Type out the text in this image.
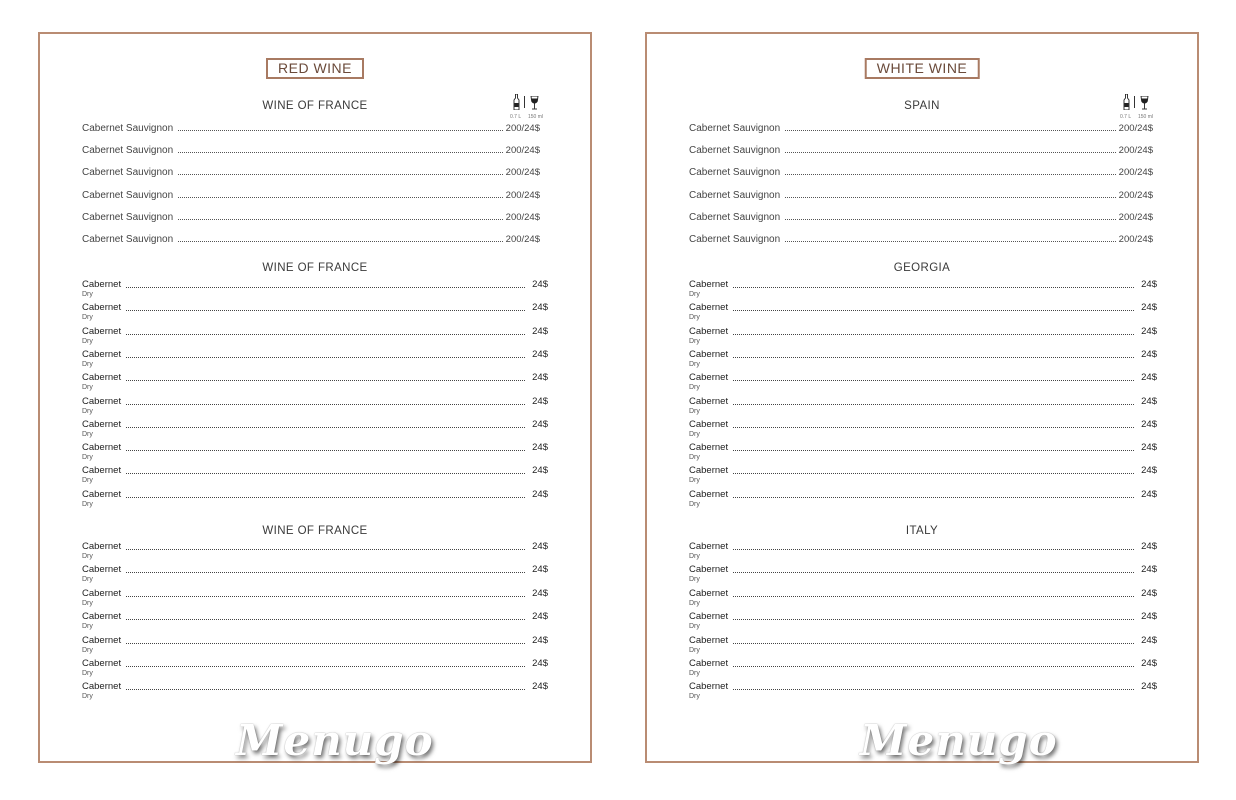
RED WINE
WINE OF FRANCE
WINE OF FRANCE
WINE OF FRANCE
0.7 L 150 ml
Cabernet Sauvignon	200/24$
Cabernet Sauvignon	200/24$
Cabernet Sauvignon	200/24$
Cabernet Sauvignon	200/24$
Cabernet Sauvignon	200/24$
Cabernet Sauvignon	200/24$
Cabernet	24$
Dry
Cabernet	24$
Dry
Cabernet	24$
Dry
Cabernet	24$
Dry
Cabernet	24$
Dry
Cabernet	24$
Dry
Cabernet	24$
Dry
Cabernet	24$
Dry
Cabernet	24$
Dry
Cabernet	24$
Dry
Cabernet	24$
Dry
Cabernet	24$
Dry
Cabernet	24$
Dry
Cabernet	24$
Dry
Cabernet	24$
Dry
Cabernet	24$
Dry
Cabernet	24$
Dry
WHITE WINE
SPAIN
GEORGIA
ITALY
0.7 L 150 ml
Cabernet Sauvignon	200/24$
Cabernet Sauvignon	200/24$
Cabernet Sauvignon	200/24$
Cabernet Sauvignon	200/24$
Cabernet Sauvignon	200/24$
Cabernet Sauvignon	200/24$
Cabernet	24$
Dry
Cabernet	24$
Dry
Cabernet	24$
Dry
Cabernet	24$
Dry
Cabernet	24$
Dry
Cabernet	24$
Dry
Cabernet	24$
Dry
Cabernet	24$
Dry
Cabernet	24$
Dry
Cabernet	24$
Dry
Cabernet	24$
Dry
Cabernet	24$
Dry
Cabernet	24$
Dry
Cabernet	24$
Dry
Cabernet	24$
Dry
Cabernet	24$
Dry
Cabernet	24$
Dry
Menugo	Menugo
